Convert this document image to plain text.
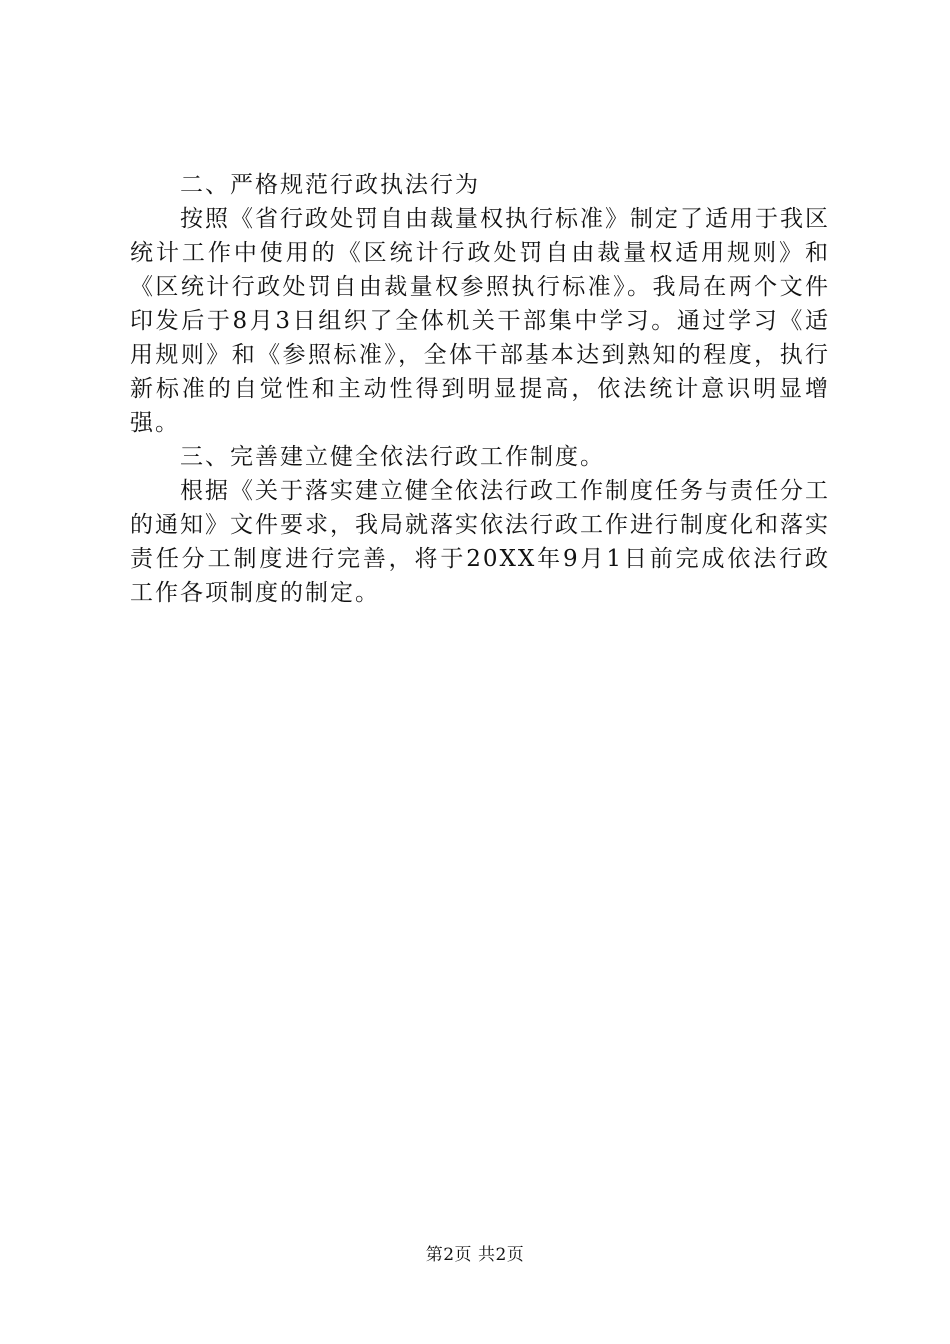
二、严格规范行政执法行为

按照《省行政处罚自由裁量权执行标准》制定了适用于我区统计工作中使用的《区统计行政处罚自由裁量权适用规则》和《区统计行政处罚自由裁量权参照执行标准》。我局在两个文件印发后于8月3日组织了全体机关干部集中学习。通过学习《适用规则》和《参照标准》，全体干部基本达到熟知的程度，执行新标准的自觉性和主动性得到明显提高，依法统计意识明显增强。

三、完善建立健全依法行政工作制度。

根据《关于落实建立健全依法行政工作制度任务与责任分工的通知》文件要求，我局就落实依法行政工作进行制度化和落实责任分工制度进行完善，将于20XX年9月1日前完成依法行政工作各项制度的制定。

第2页 共2页
